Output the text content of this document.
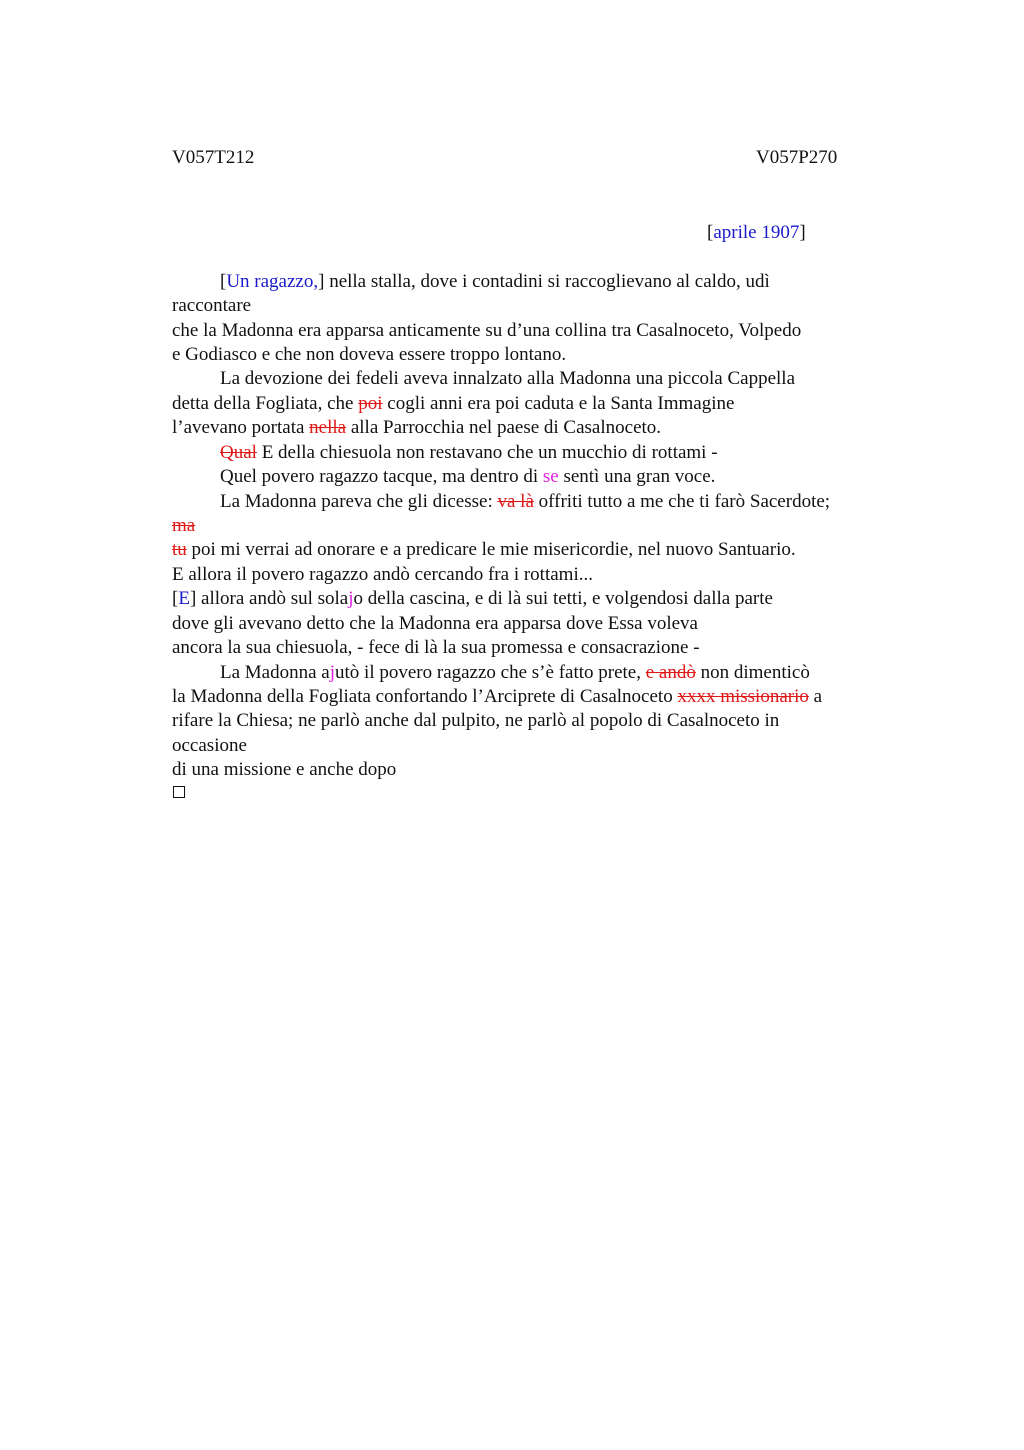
V057T212	V057P270
[aprile 1907]
[Un ragazzo,] nella stalla, dove i contadini si raccoglievano al caldo, udì
raccontare
che la Madonna era apparsa anticamente su d’una collina tra Casalnoceto, Volpedo
e Godiasco e che non doveva essere troppo lontano.
La devozione dei fedeli aveva innalzato alla Madonna una piccola Cappella
detta della Fogliata, che poi cogli anni era poi caduta e la Santa Immagine
l’avevano portata nella alla Parrocchia nel paese di Casalnoceto.
Qual E della chiesuola non restavano che un mucchio di rottami -
Quel povero ragazzo tacque, ma dentro di se sentì una gran voce.
La Madonna pareva che gli dicesse: va là offriti tutto a me che ti farò Sacerdote;
ma
tu poi mi verrai ad onorare e a predicare le mie misericordie, nel nuovo Santuario.
E allora il povero ragazzo andò cercando fra i rottami...
[E] allora andò sul solajo della cascina, e di là sui tetti, e volgendosi dalla parte
dove gli avevano detto che la Madonna era apparsa dove Essa voleva
ancora la sua chiesuola, - fece di là la sua promessa e consacrazione -
La Madonna ajutò il povero ragazzo che s’è fatto prete, e andò non dimenticò
la Madonna della Fogliata confortando l’Arciprete di Casalnoceto xxxx missionario a
rifare la Chiesa; ne parlò anche dal pulpito, ne parlò al popolo di Casalnoceto in
occasione
di una missione e anche dopo
